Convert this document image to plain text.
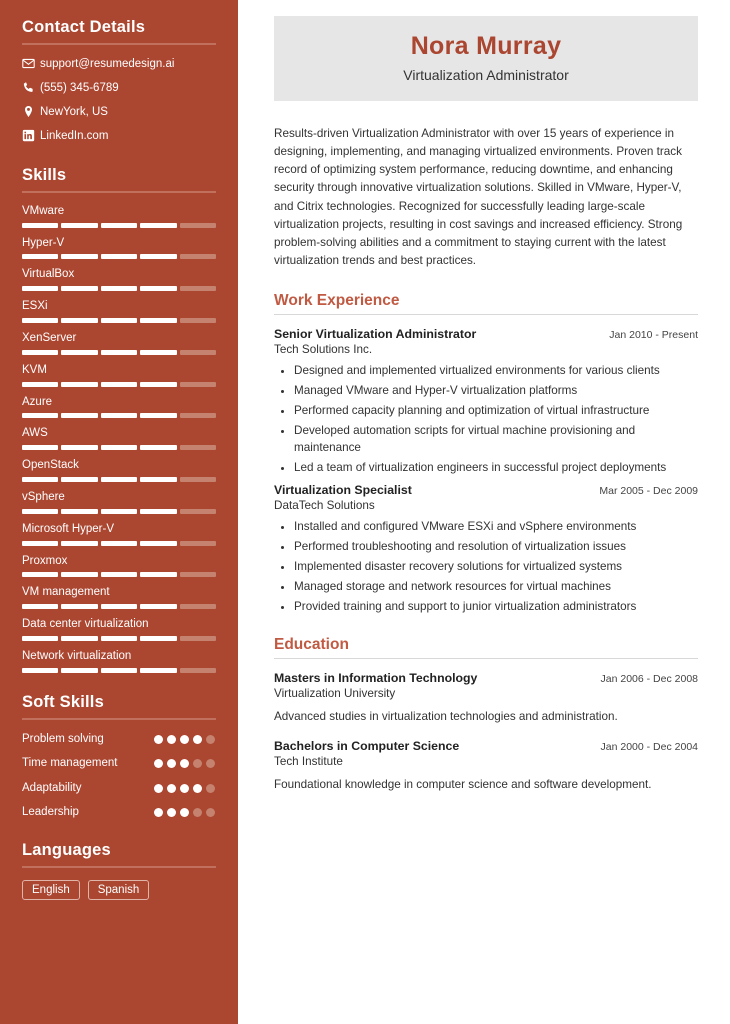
Contact Details
support@resumedesign.ai
(555) 345-6789
NewYork, US
LinkedIn.com
Skills
VMware
Hyper-V
VirtualBox
ESXi
XenServer
KVM
Azure
AWS
OpenStack
vSphere
Microsoft Hyper-V
Proxmox
VM management
Data center virtualization
Network virtualization
Soft Skills
Problem solving
Time management
Adaptability
Leadership
Languages
English	Spanish
Nora Murray
Virtualization Administrator
Results-driven Virtualization Administrator with over 15 years of experience in designing, implementing, and managing virtualized environments. Proven track record of optimizing system performance, reducing downtime, and enhancing security through innovative virtualization solutions. Skilled in VMware, Hyper-V, and Citrix technologies. Recognized for successfully leading large-scale virtualization projects, resulting in cost savings and increased efficiency. Strong problem-solving abilities and a commitment to staying current with the latest virtualization trends and best practices.
Work Experience
Senior Virtualization Administrator	Jan 2010 - Present
Tech Solutions Inc.
• Designed and implemented virtualized environments for various clients
• Managed VMware and Hyper-V virtualization platforms
• Performed capacity planning and optimization of virtual infrastructure
• Developed automation scripts for virtual machine provisioning and maintenance
• Led a team of virtualization engineers in successful project deployments
Virtualization Specialist	Mar 2005 - Dec 2009
DataTech Solutions
• Installed and configured VMware ESXi and vSphere environments
• Performed troubleshooting and resolution of virtualization issues
• Implemented disaster recovery solutions for virtualized systems
• Managed storage and network resources for virtual machines
• Provided training and support to junior virtualization administrators
Education
Masters in Information Technology	Jan 2006 - Dec 2008
Virtualization University
Advanced studies in virtualization technologies and administration.
Bachelors in Computer Science	Jan 2000 - Dec 2004
Tech Institute
Foundational knowledge in computer science and software development.
